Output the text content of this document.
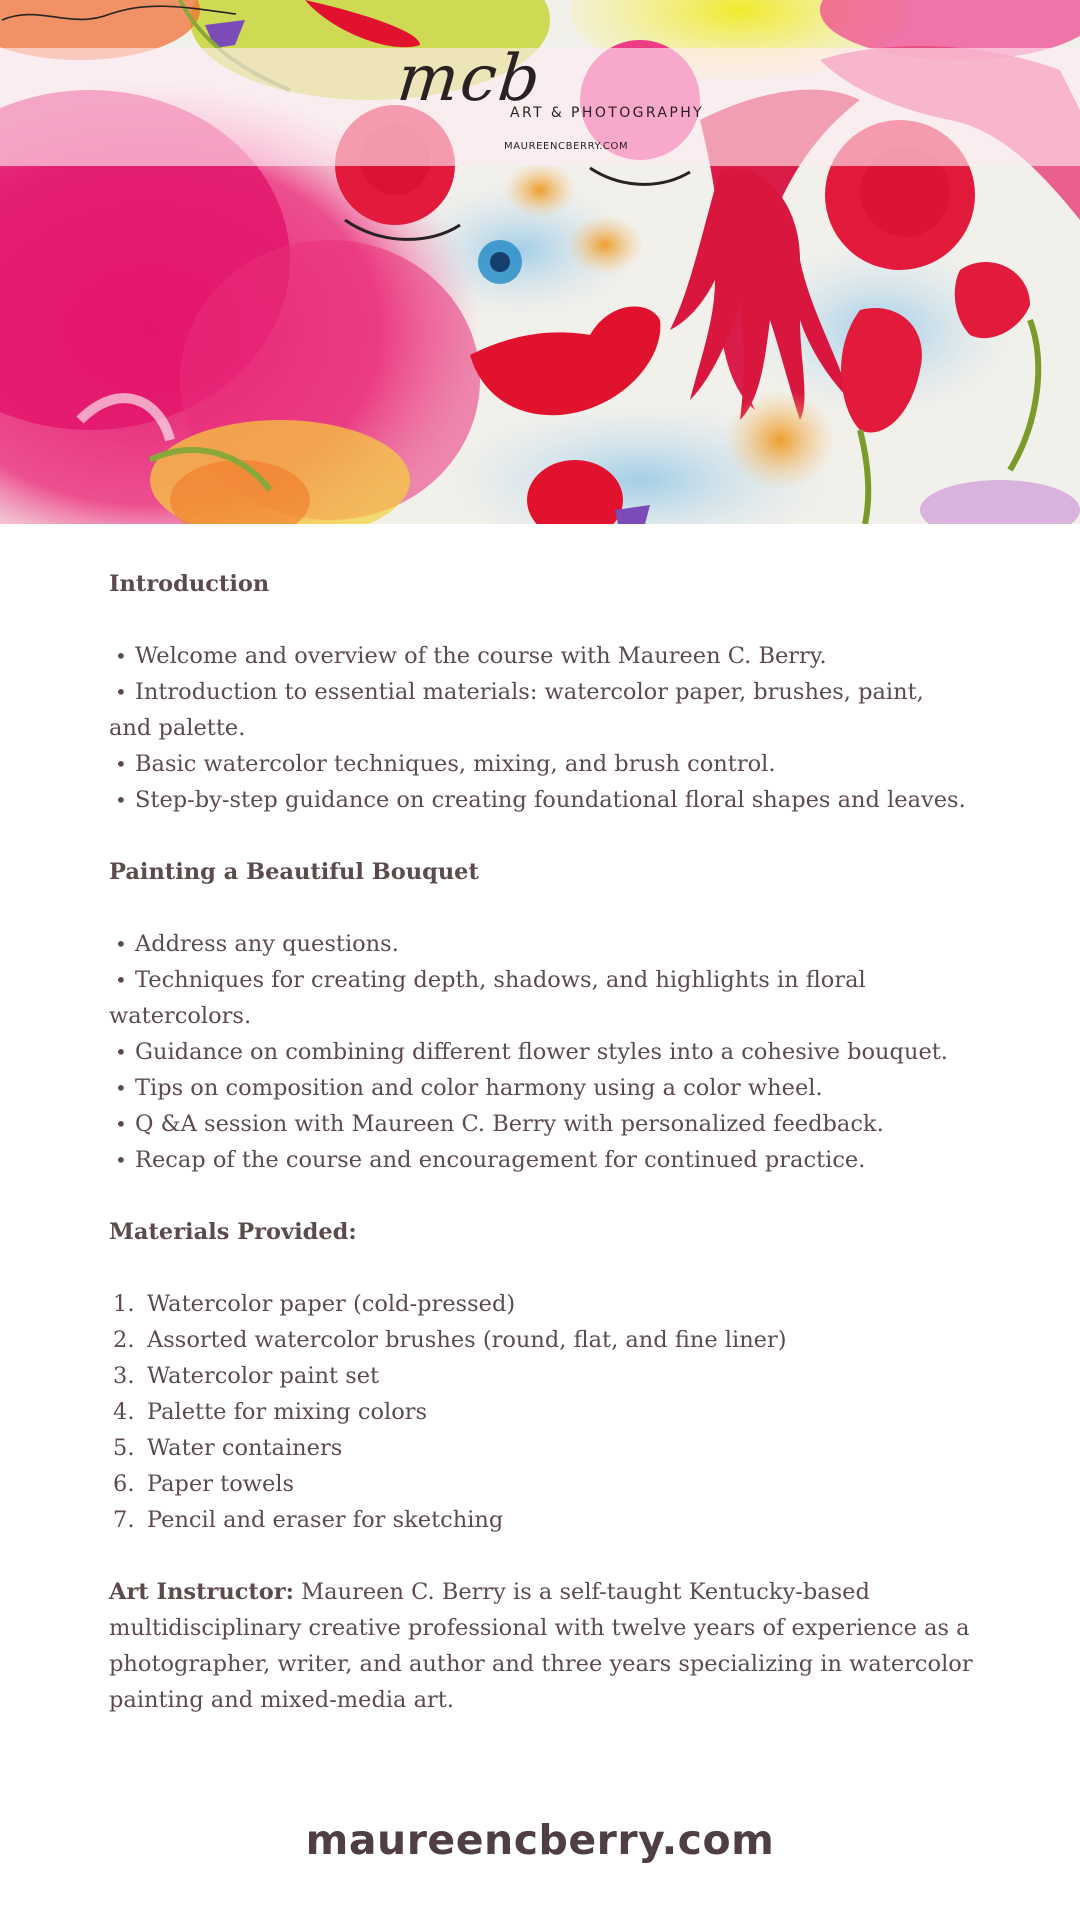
mcb
ART & PHOTOGRAPHY
MAUREENCBERRY.COM

Introduction

• Welcome and overview of the course with Maureen C. Berry.
• Introduction to essential materials: watercolor paper, brushes, paint, and palette.
• Basic watercolor techniques, mixing, and brush control.
• Step-by-step guidance on creating foundational floral shapes and leaves.

Painting a Beautiful Bouquet

• Address any questions.
• Techniques for creating depth, shadows, and highlights in floral watercolors.
• Guidance on combining different flower styles into a cohesive bouquet.
• Tips on composition and color harmony using a color wheel.
• Q &A session with Maureen C. Berry with personalized feedback.
• Recap of the course and encouragement for continued practice.

Materials Provided:

1. Watercolor paper (cold-pressed)
2. Assorted watercolor brushes (round, flat, and fine liner)
3. Watercolor paint set
4. Palette for mixing colors
5. Water containers
6. Paper towels
7. Pencil and eraser for sketching

Art Instructor: Maureen C. Berry is a self-taught Kentucky-based multidisciplinary creative professional with twelve years of experience as a photographer, writer, and author and three years specializing in watercolor painting and mixed-media art.

maureencberry.com
